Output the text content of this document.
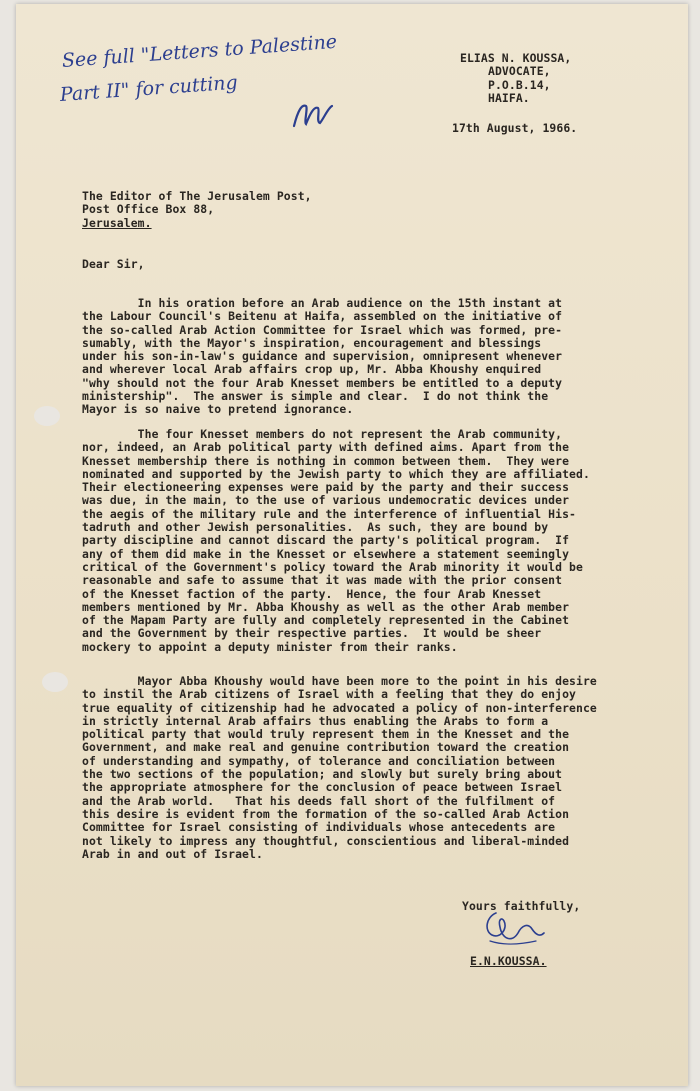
See full "Letters to Palestine
Part II" for cutting
ELIAS N. KOUSSA,
ADVOCATE,
P.O.B.14,
HAIFA.
17th August, 1966.
The Editor of The Jerusalem Post,
Post Office Box 88,
Jerusalem.
Dear Sir,
In his oration before an Arab audience on the 15th instant at
the Labour Council's Beitenu at Haifa, assembled on the initiative of
the so-called Arab Action Committee for Israel which was formed, pre-
sumably, with the Mayor's inspiration, encouragement and blessings
under his son-in-law's guidance and supervision, omnipresent whenever
and wherever local Arab affairs crop up, Mr. Abba Khoushy enquired
"why should not the four Arab Knesset members be entitled to a deputy
ministership".  The answer is simple and clear.  I do not think the
Mayor is so naive to pretend ignorance.
The four Knesset members do not represent the Arab community,
nor, indeed, an Arab political party with defined aims. Apart from the
Knesset membership there is nothing in common between them.  They were
nominated and supported by the Jewish party to which they are affiliated.
Their electioneering expenses were paid by the party and their success
was due, in the main, to the use of various undemocratic devices under
the aegis of the military rule and the interference of influential His-
tadruth and other Jewish personalities.  As such, they are bound by
party discipline and cannot discard the party's political program.  If
any of them did make in the Knesset or elsewhere a statement seemingly
critical of the Government's policy toward the Arab minority it would be
reasonable and safe to assume that it was made with the prior consent
of the Knesset faction of the party.  Hence, the four Arab Knesset
members mentioned by Mr. Abba Khoushy as well as the other Arab member
of the Mapam Party are fully and completely represented in the Cabinet
and the Government by their respective parties.  It would be sheer
mockery to appoint a deputy minister from their ranks.
Mayor Abba Khoushy would have been more to the point in his desire
to instil the Arab citizens of Israel with a feeling that they do enjoy
true equality of citizenship had he advocated a policy of non-interference
in strictly internal Arab affairs thus enabling the Arabs to form a
political party that would truly represent them in the Knesset and the
Government, and make real and genuine contribution toward the creation
of understanding and sympathy, of tolerance and conciliation between
the two sections of the population; and slowly but surely bring about
the appropriate atmosphere for the conclusion of peace between Israel
and the Arab world.   That his deeds fall short of the fulfilment of
this desire is evident from the formation of the so-called Arab Action
Committee for Israel consisting of individuals whose antecedents are
not likely to impress any thoughtful, conscientious and liberal-minded
Arab in and out of Israel.
Yours faithfully,
E.N.KOUSSA.
